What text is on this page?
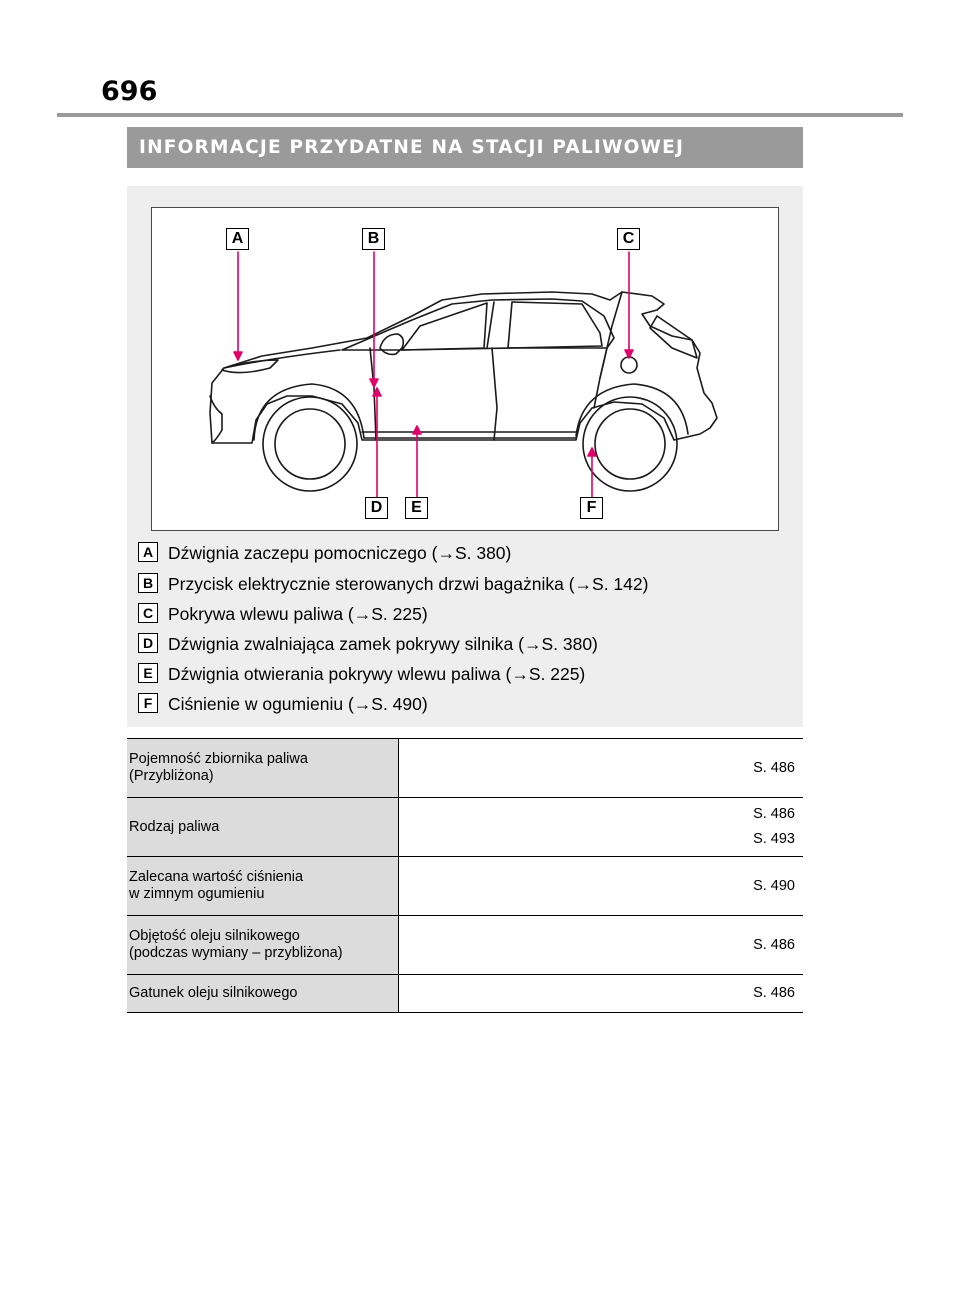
696
INFORMACJE PRZYDATNE NA STACJI PALIWOWEJ
A	B	C
D	E	F
A Dźwignia zaczepu pomocniczego (→S. 380)
B Przycisk elektrycznie sterowanych drzwi bagażnika (→S. 142)
C Pokrywa wlewu paliwa (→S. 225)
D Dźwignia zwalniająca zamek pokrywy silnika (→S. 380)
E Dźwignia otwierania pokrywy wlewu paliwa (→S. 225)
F Ciśnienie w ogumieniu (→S. 490)
Pojemność zbiornika paliwa
(Przybliżona)	S. 486

Rodzaj paliwa	S. 486
S. 493

Zalecana wartość ciśnienia
w zimnym ogumieniu	S. 490

Objętość oleju silnikowego
(podczas wymiany – przybliżona)	S. 486

Gatunek oleju silnikowego	S. 486
